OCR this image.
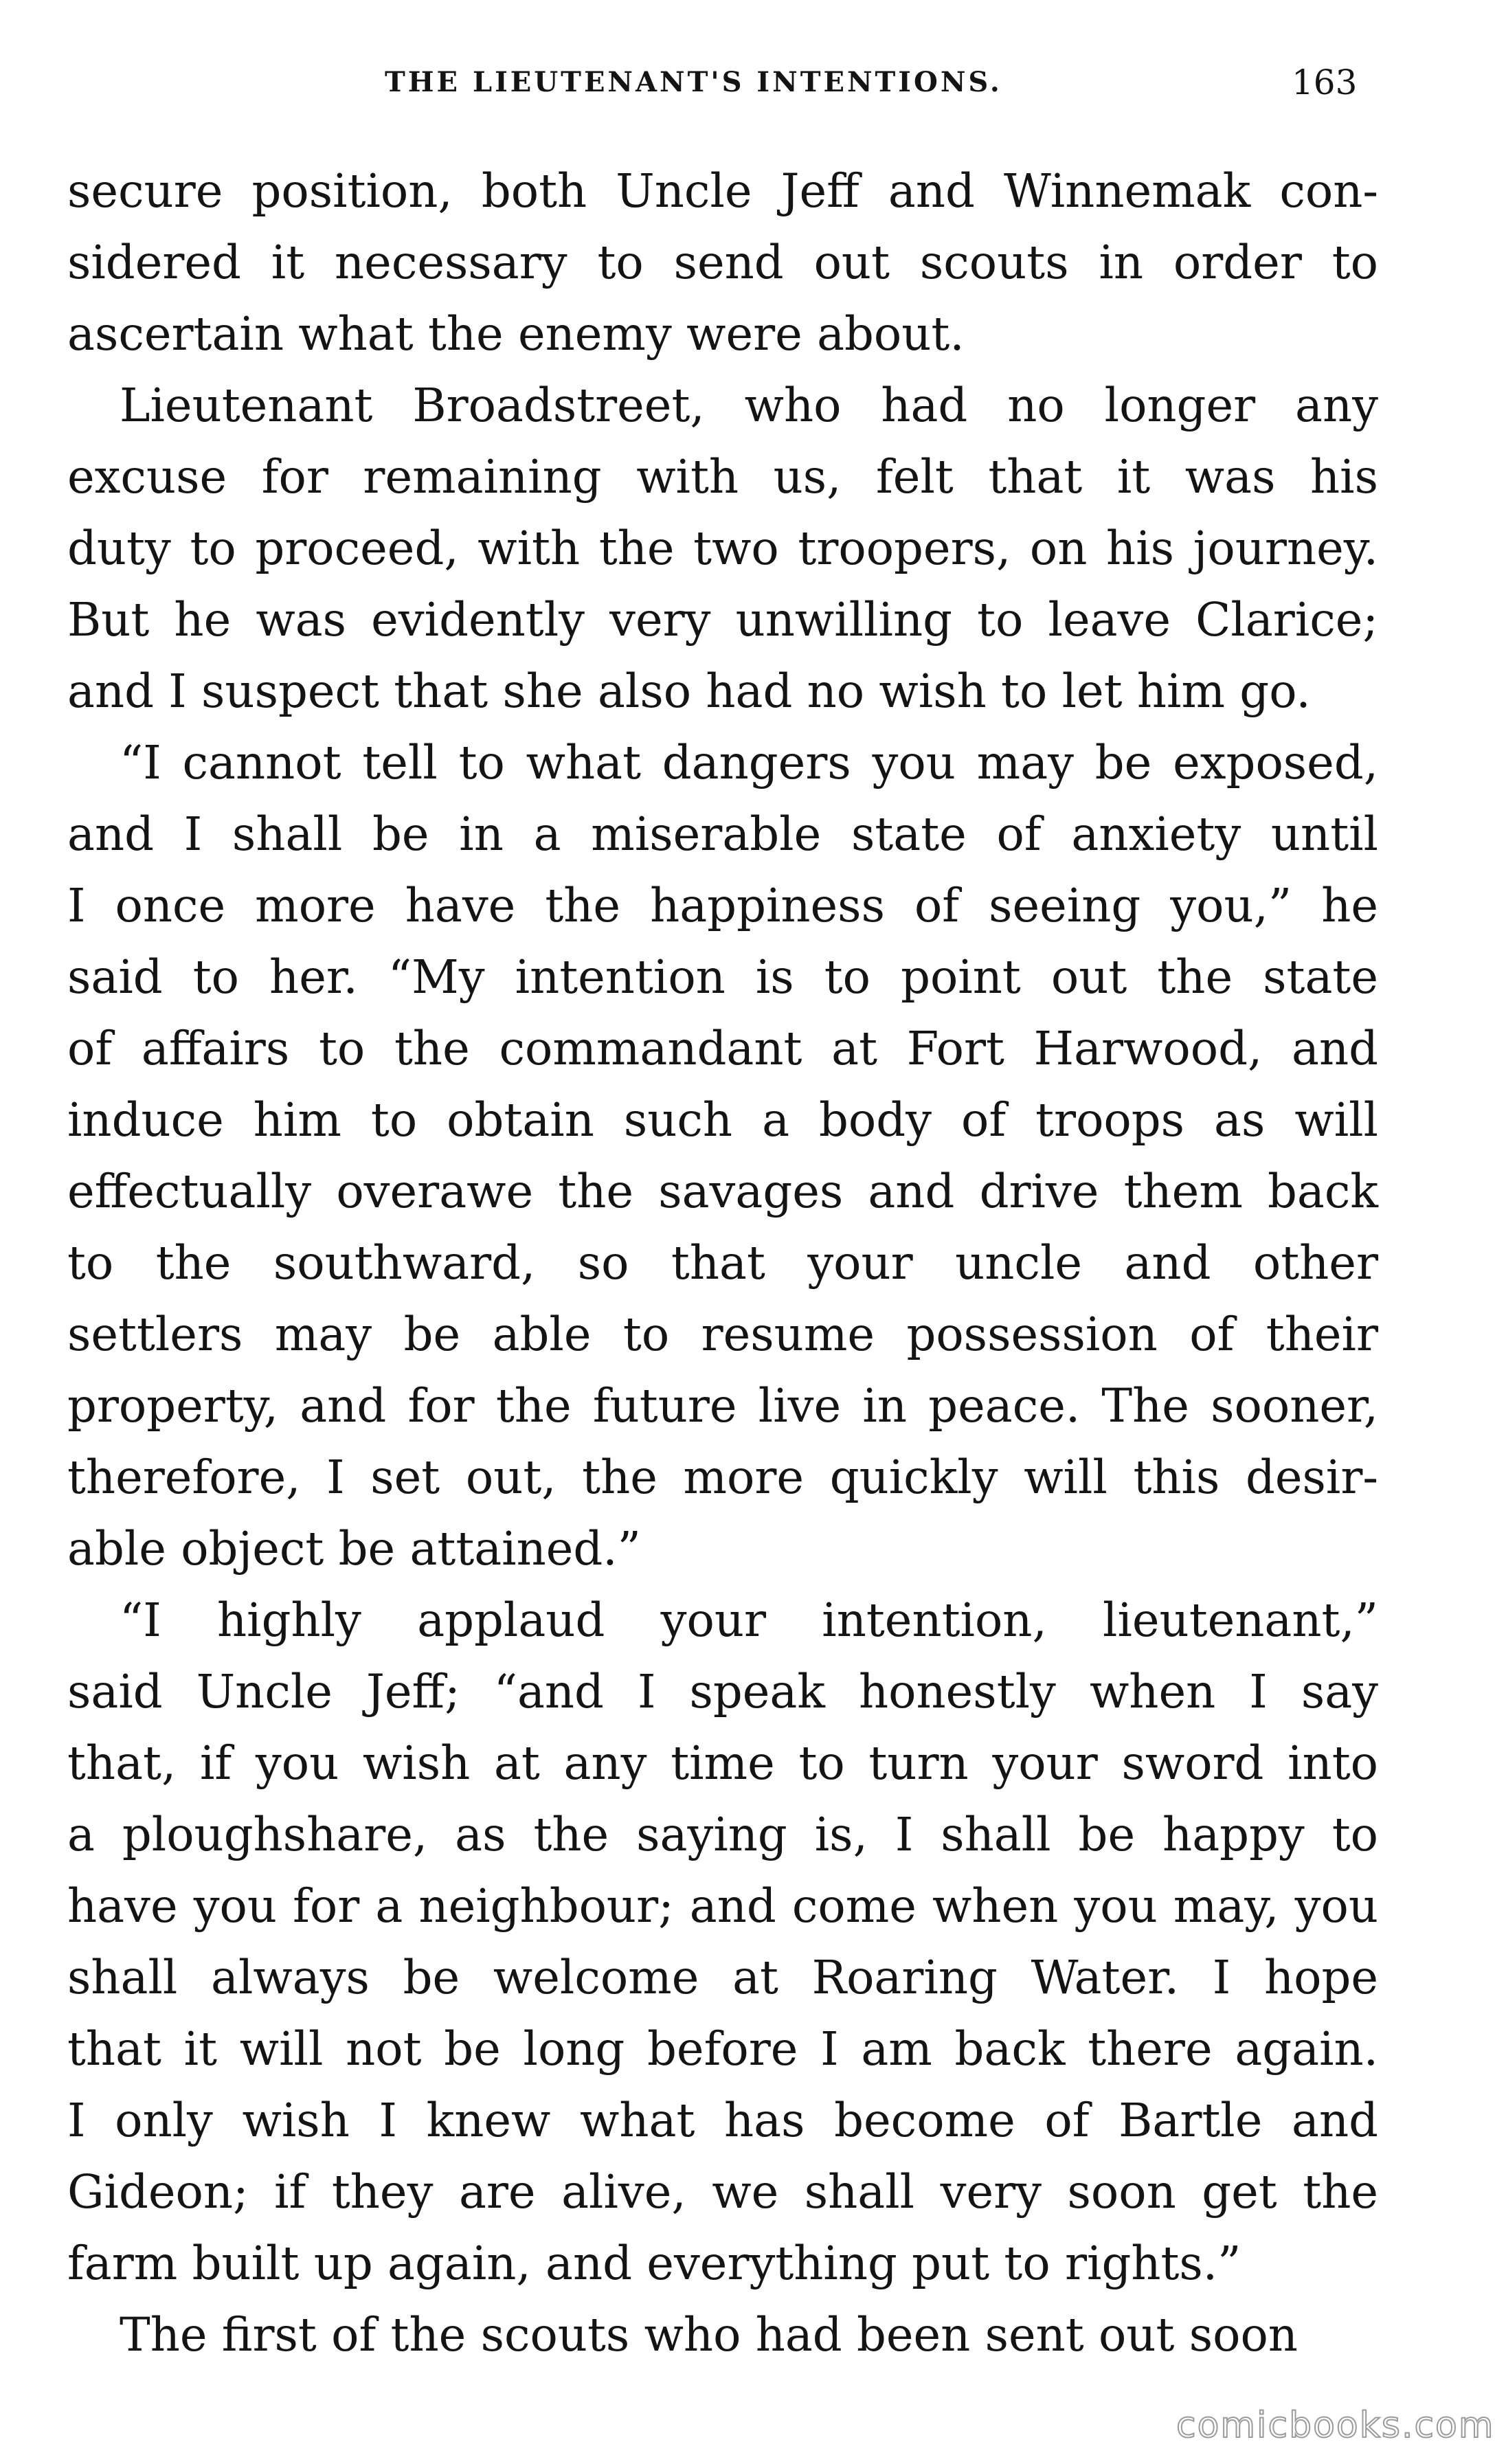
THE LIEUTENANT'S INTENTIONS.	163
secure position, both Uncle Jeff and Winnemak con-
sidered it necessary to send out scouts in order to
ascertain what the enemy were about.
Lieutenant Broadstreet, who had no longer any
excuse for remaining with us, felt that it was his
duty to proceed, with the two troopers, on his journey.
But he was evidently very unwilling to leave Clarice;
and I suspect that she also had no wish to let him go.
“I cannot tell to what dangers you may be exposed,
and I shall be in a miserable state of anxiety until
I once more have the happiness of seeing you,” he
said to her. “My intention is to point out the state
of affairs to the commandant at Fort Harwood, and
induce him to obtain such a body of troops as will
effectually overawe the savages and drive them back
to the southward, so that your uncle and other
settlers may be able to resume possession of their
property, and for the future live in peace. The sooner,
therefore, I set out, the more quickly will this desir-
able object be attained.”
“I highly applaud your intention, lieutenant,”
said Uncle Jeff; “and I speak honestly when I say
that, if you wish at any time to turn your sword into
a ploughshare, as the saying is, I shall be happy to
have you for a neighbour; and come when you may, you
shall always be welcome at Roaring Water. I hope
that it will not be long before I am back there again.
I only wish I knew what has become of Bartle and
Gideon; if they are alive, we shall very soon get the
farm built up again, and everything put to rights.”
The first of the scouts who had been sent out soon
comicbooks.com
